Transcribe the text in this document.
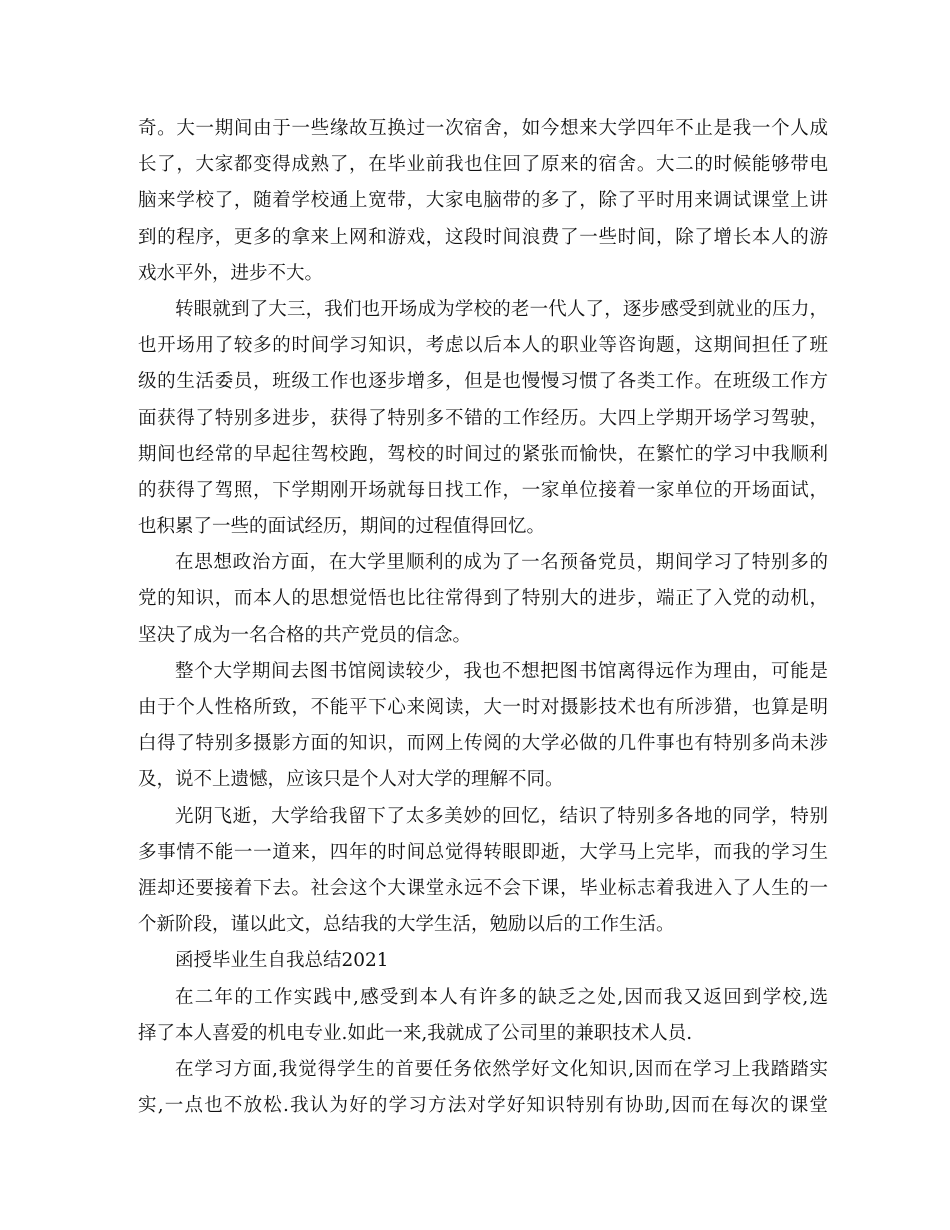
奇。大一期间由于一些缘故互换过一次宿舍，如今想来大学四年不止是我一个人成
长了，大家都变得成熟了，在毕业前我也住回了原来的宿舍。大二的时候能够带电
脑来学校了，随着学校通上宽带，大家电脑带的多了，除了平时用来调试课堂上讲
到的程序，更多的拿来上网和游戏，这段时间浪费了一些时间，除了增长本人的游
戏水平外，进步不大。
转眼就到了大三，我们也开场成为学校的老一代人了，逐步感受到就业的压力，
也开场用了较多的时间学习知识，考虑以后本人的职业等咨询题，这期间担任了班
级的生活委员，班级工作也逐步增多，但是也慢慢习惯了各类工作。在班级工作方
面获得了特别多进步，获得了特别多不错的工作经历。大四上学期开场学习驾驶，
期间也经常的早起往驾校跑，驾校的时间过的紧张而愉快，在繁忙的学习中我顺利
的获得了驾照，下学期刚开场就每日找工作，一家单位接着一家单位的开场面试，
也积累了一些的面试经历，期间的过程值得回忆。
在思想政治方面，在大学里顺利的成为了一名预备党员，期间学习了特别多的
党的知识，而本人的思想觉悟也比往常得到了特别大的进步，端正了入党的动机，
坚决了成为一名合格的共产党员的信念。
整个大学期间去图书馆阅读较少，我也不想把图书馆离得远作为理由，可能是
由于个人性格所致，不能平下心来阅读，大一时对摄影技术也有所涉猎，也算是明
白得了特别多摄影方面的知识，而网上传阅的大学必做的几件事也有特别多尚未涉
及，说不上遗憾，应该只是个人对大学的理解不同。
光阴飞逝，大学给我留下了太多美妙的回忆，结识了特别多各地的同学，特别
多事情不能一一道来，四年的时间总觉得转眼即逝，大学马上完毕，而我的学习生
涯却还要接着下去。社会这个大课堂永远不会下课，毕业标志着我进入了人生的一
个新阶段，谨以此文，总结我的大学生活，勉励以后的工作生活。
函授毕业生自我总结2021
在二年的工作实践中,感受到本人有许多的缺乏之处,因而我又返回到学校,选
择了本人喜爱的机电专业.如此一来,我就成了公司里的兼职技术人员.
在学习方面,我觉得学生的首要任务依然学好文化知识,因而在学习上我踏踏实
实,一点也不放松.我认为好的学习方法对学好知识特别有协助,因而在每次的课堂
